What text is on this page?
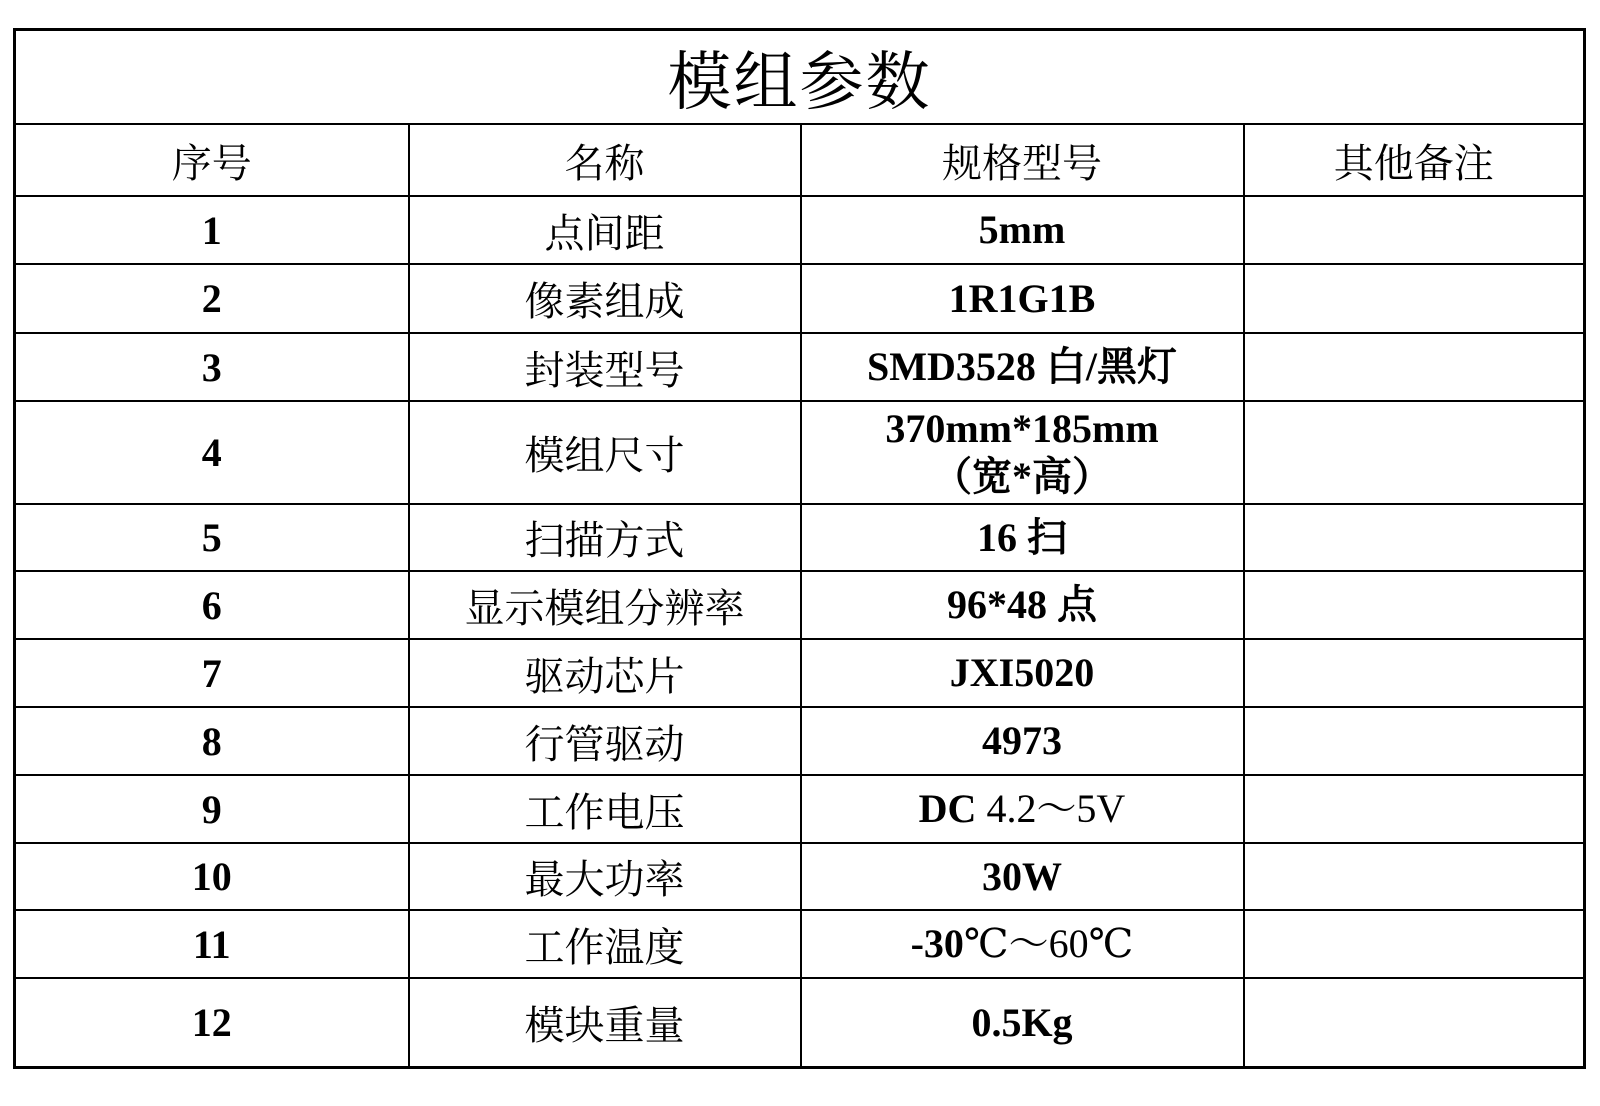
模组参数			
序号	名称	规格型号	其他备注
1	点间距	5mm

2	像素组成	1R1G1B

3	封装型号	SMD3528 白/黑灯

4	模组尺寸	370mm*185mm
（宽*高）	

5	扫描方式	16 扫

6	显示模组分辨率	96*48 点

7	驱动芯片	JXI5020

8	行管驱动	4973

9	工作电压	DC 4.2～5V

10	最大功率	30W

11	工作温度	-30℃～60℃

12	模块重量	0.5Kg
